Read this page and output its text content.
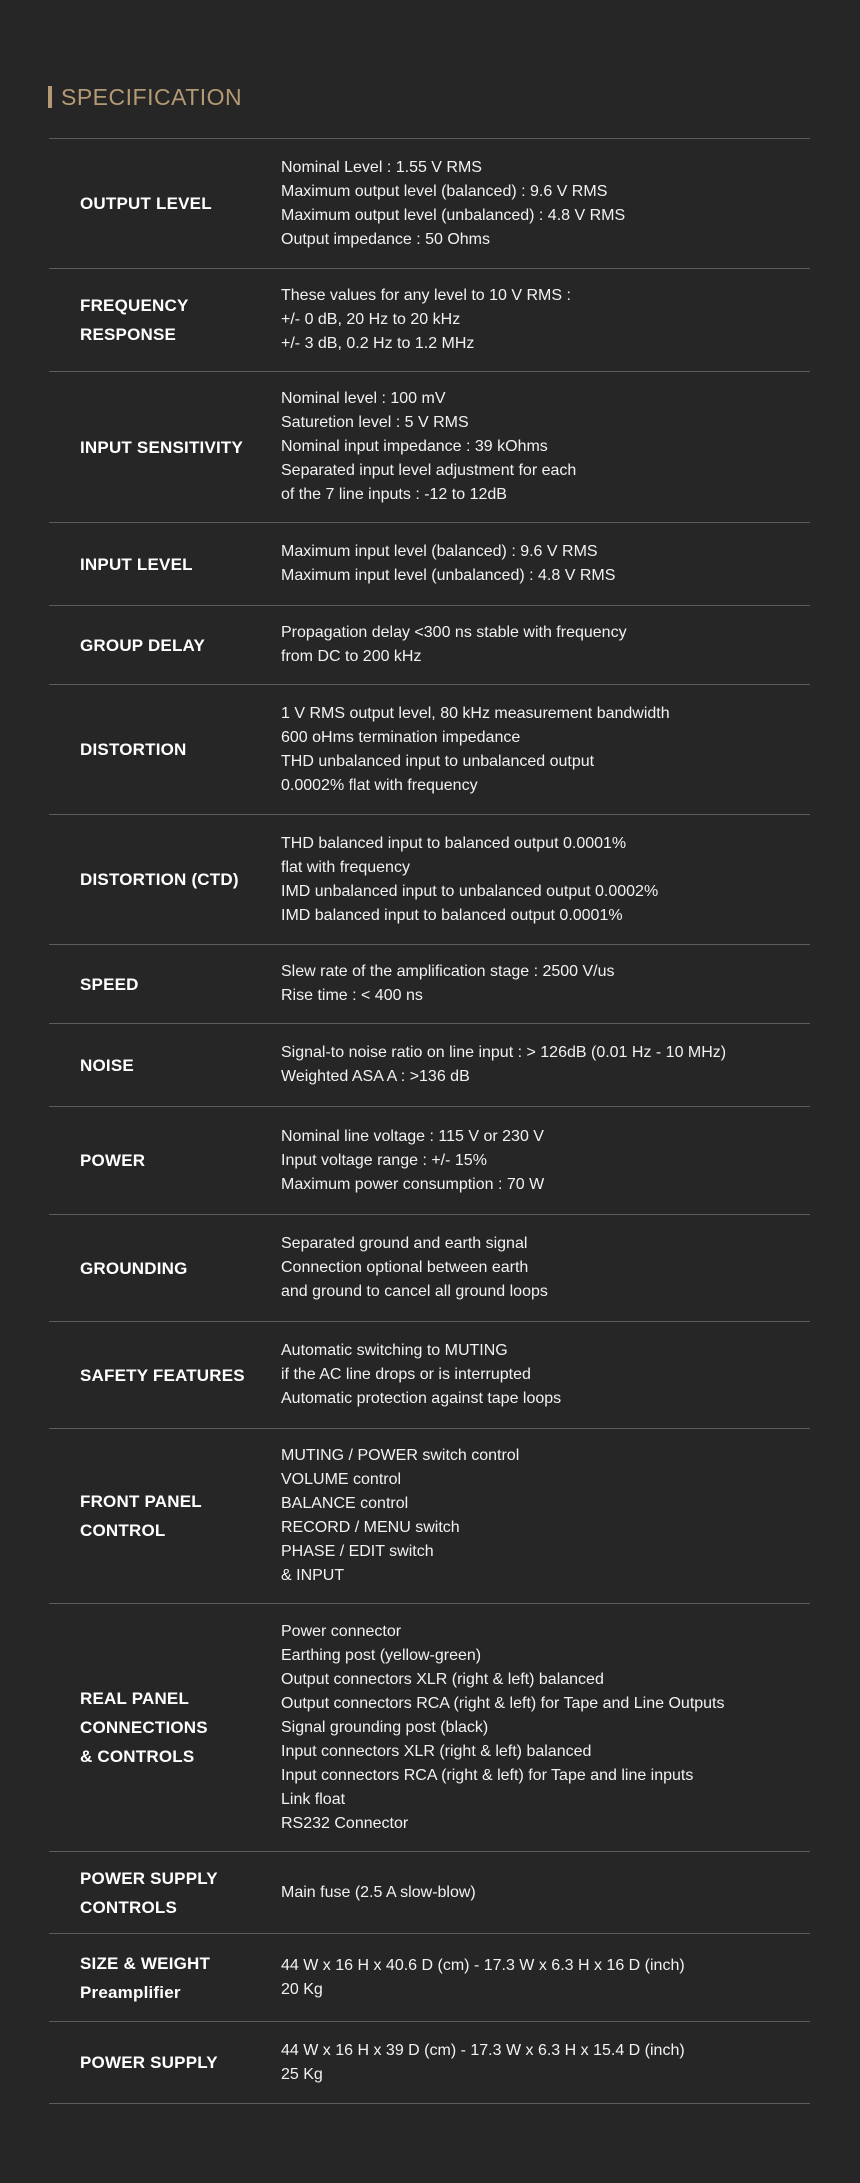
SPECIFICATION
OUTPUT LEVEL
Nominal Level : 1.55 V RMS
Maximum output level (balanced) : 9.6 V RMS
Maximum output level (unbalanced) : 4.8 V RMS
Output impedance : 50 Ohms
FREQUENCY RESPONSE
These values for any level to 10 V RMS :
+/- 0 dB, 20 Hz to 20 kHz
+/- 3 dB, 0.2 Hz to 1.2 MHz
INPUT SENSITIVITY
Nominal level : 100 mV
Saturetion level : 5 V RMS
Nominal input impedance : 39 kOhms
Separated input level adjustment for each
of the 7 line inputs : -12 to 12dB
INPUT LEVEL
Maximum input level (balanced) : 9.6 V RMS
Maximum input level (unbalanced) : 4.8 V RMS
GROUP DELAY
Propagation delay <300 ns stable with frequency
from DC to 200 kHz
DISTORTION
1 V RMS output level, 80 kHz measurement bandwidth
600 oHms termination impedance
THD unbalanced input to unbalanced output
0.0002% flat with frequency
DISTORTION (CTD)
THD balanced input to balanced output 0.0001%
flat with frequency
IMD unbalanced input to unbalanced output 0.0002%
IMD balanced input to balanced output 0.0001%
SPEED
Slew rate of the amplification stage : 2500 V/us
Rise time : < 400 ns
NOISE
Signal-to noise ratio on line input : > 126dB (0.01 Hz - 10 MHz)
Weighted ASA A : >136 dB
POWER
Nominal line voltage : 115 V or 230 V
Input voltage range : +/- 15%
Maximum power consumption : 70 W
GROUNDING
Separated ground and earth signal
Connection optional between earth
and ground to cancel all ground loops
SAFETY FEATURES
Automatic switching to MUTING
if the AC line drops or is interrupted
Automatic protection against tape loops
FRONT PANEL
CONTROL
MUTING / POWER switch control
VOLUME control
BALANCE control
RECORD / MENU switch
PHASE / EDIT switch
& INPUT
REAL PANEL
CONNECTIONS
& CONTROLS
Power connector
Earthing post (yellow-green)
Output connectors XLR (right & left) balanced
Output connectors RCA (right & left) for Tape and Line Outputs
Signal grounding post (black)
Input connectors XLR (right & left) balanced
Input connectors RCA (right & left) for Tape and line inputs
Link float
RS232 Connector
POWER SUPPLY
CONTROLS
Main fuse (2.5 A slow-blow)
SIZE & WEIGHT
Preamplifier
44 W x 16 H x 40.6 D (cm) - 17.3 W x 6.3 H x 16 D (inch)
20 Kg
POWER SUPPLY
44 W x 16 H x 39 D (cm) - 17.3 W x 6.3 H x 15.4 D (inch)
25 Kg
